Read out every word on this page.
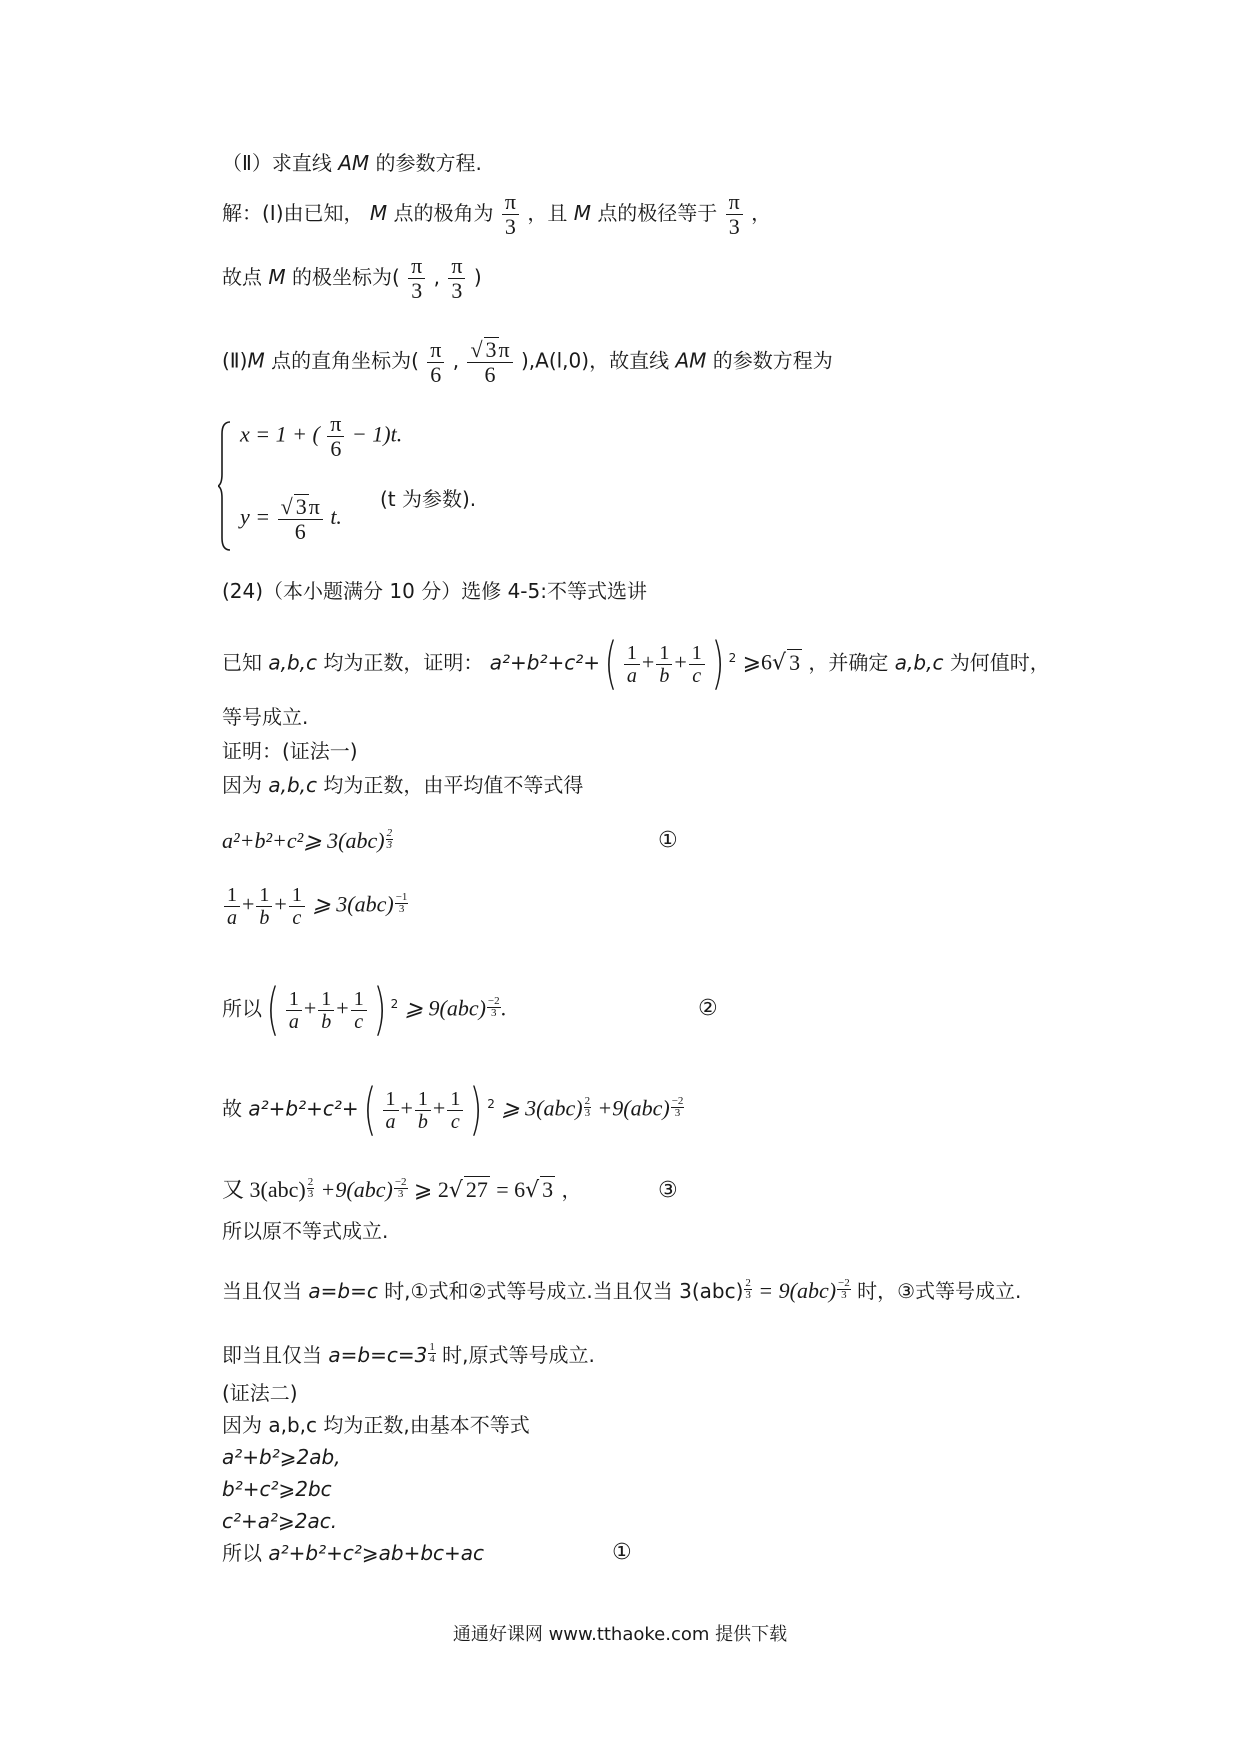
（Ⅱ）求直线 AM 的参数方程.
解：(Ⅰ)由已知， M 点的极角为 $\frac{\pi}{3}$ ，且 M 点的极径等于 $\frac{\pi}{3}$ ，
故点 M 的极坐标为( $\frac{\pi}{3}$ , $\frac{\pi}{3}$ )
(Ⅱ)M 点的直角坐标为( $\frac{\pi}{6}$ , $\frac{√ 3\pi}{6} ),A(l,0)$，故直线 AM 的参数方程为
x = 1 + ( $\frac{\pi}{6} - 1)t$.
(t 为参数).
$y = \frac{√ 3\pi}{6} t$.
(24)（本小题满分 10 分）选修 4-5:不等式选讲
已知 a,b,c 均为正数，证明： $a^2+b^2+c^2+( \frac{1}{a} + \frac{1}{b} + \frac{1}{c}$ ) $^2$ ⩾6√ 3 ，并确定 a,b,c 为何值时，
等号成立.
证明：(证法一)
因为 a,b,c 均为正数，由平均值不等式得
a²+b²+c²⩾ $3(abc) \frac{2}{3}$	①
$\frac{1}{a} + \frac{1}{b} + \frac{1}{c}$ ⩾ $3(abc) \frac{-1}{3}$
所以( $\frac{1}{a} + \frac{1}{b} + \frac{1}{c}$ ) $^2$ ⩾ $9(abc) \frac{-2}{3}$ .	②
故 $a^2+b^2+c^2+( \frac{1}{a} + \frac{1}{b} + \frac{1}{c}$ ) $^2$ ⩾ $3(abc) \frac{2}{3} +9(abc) \frac{-2}{3}$
又 $3(abc) \frac{2}{3} +9(abc) \frac{-2}{3}$ ⩾ 2√ 27 = 6√ 3 ，	③
所以原不等式成立.
当且仅当 a=b=c 时,①式和②式等号成立.当且仅当 $3(abc) \frac{2}{3} = 9(abc) \frac{-2}{3}$ 时，③式等号成立.
即当且仅当 $a=b=c=3 \frac{1}{4}$ 时,原式等号成立.
(证法二)
因为 a,b,c 均为正数,由基本不等式
a²+b²⩾2ab,
b²+c²⩾2bc
c²+a²⩾2ac.
所以 a²+b²+c²⩾ab+bc+ac	①
通通好课网 www.tthaoke.com 提供下载
